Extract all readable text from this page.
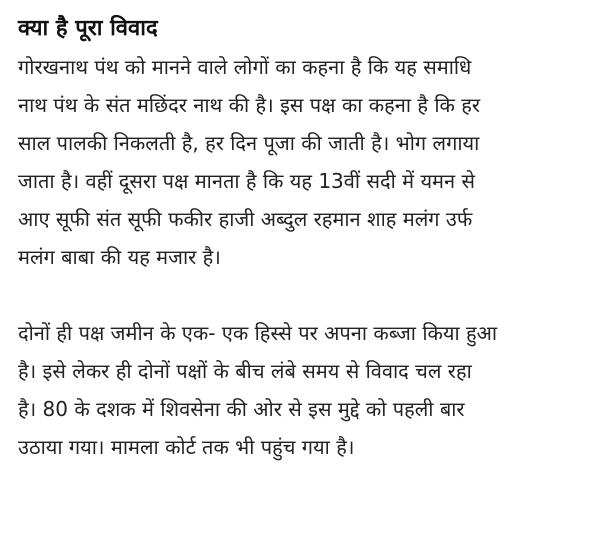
क्या है पूरा विवाद

गोरखनाथ पंथ को मानने वाले लोगों का कहना है कि यह समाधि
नाथ पंथ के संत मछिंदर नाथ की है। इस पक्ष का कहना है कि हर
साल पालकी निकलती है, हर दिन पूजा की जाती है। भोग लगाया
जाता है। वहीं दूसरा पक्ष मानता है कि यह 13वीं सदी में यमन से
आए सूफी संत सूफी फकीर हाजी अब्दुल रहमान शाह मलंग उर्फ
मलंग बाबा की यह मजार है।

दोनों ही पक्ष जमीन के एक- एक हिस्से पर अपना कब्जा किया हुआ
है। इसे लेकर ही दोनों पक्षों के बीच लंबे समय से विवाद चल रहा
है। 80 के दशक में शिवसेना की ओर से इस मुद्दे को पहली बार
उठाया गया। मामला कोर्ट तक भी पहुंच गया है।
